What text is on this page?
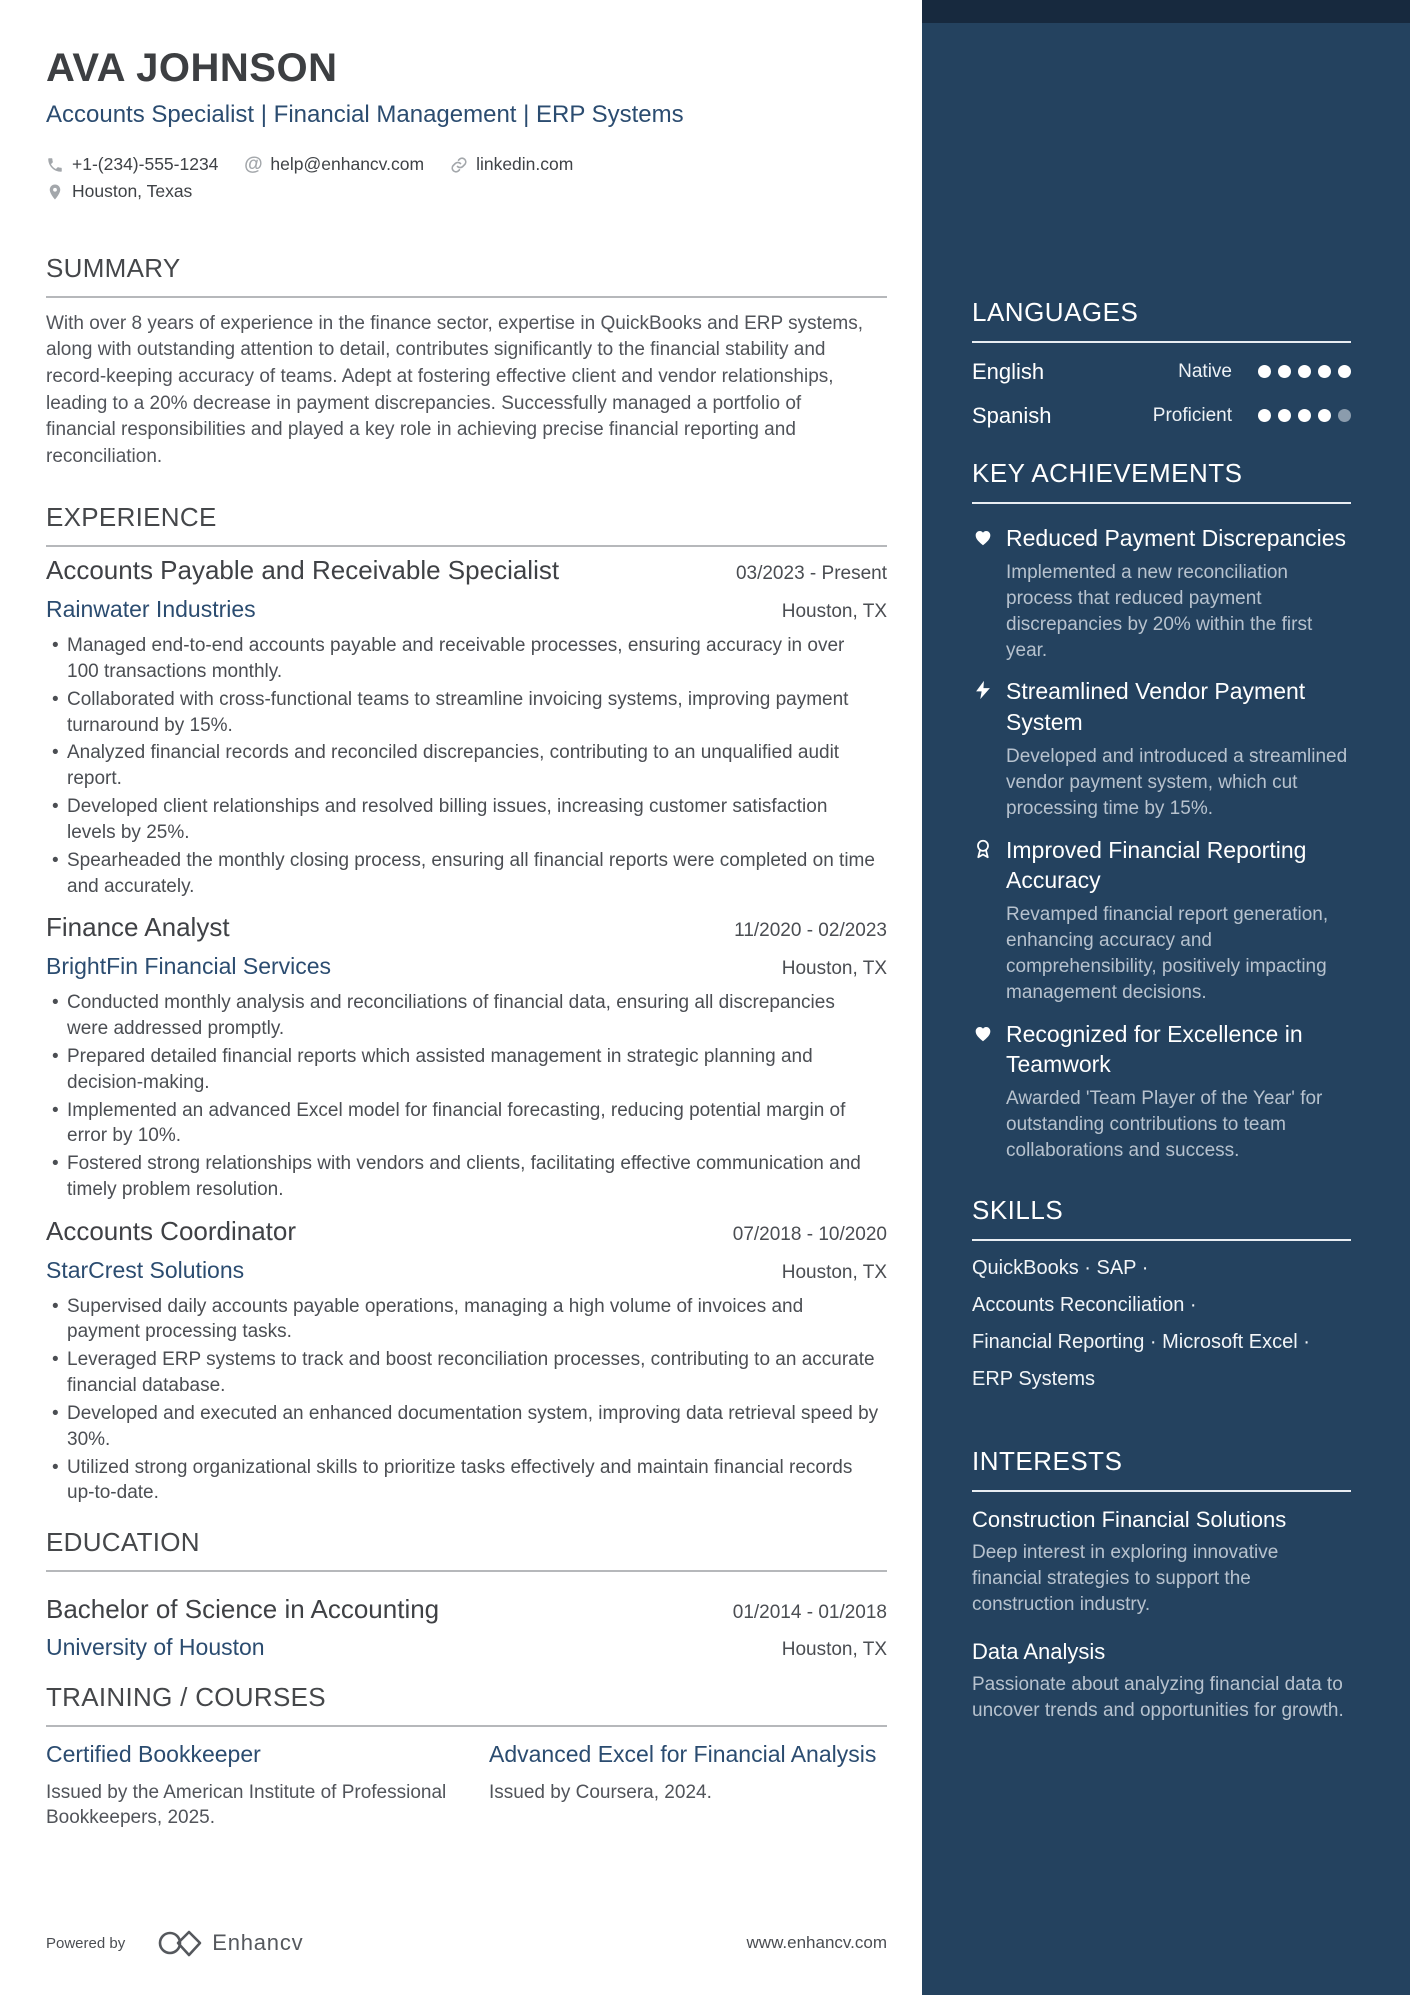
AVA JOHNSON
Accounts Specialist | Financial Management | ERP Systems
+1-(234)-555-1234 @ help@enhancv.com	linkedin.com
Houston, Texas
SUMMARY

With over 8 years of experience in the finance sector, expertise in QuickBooks and ERP systems, along with outstanding attention to detail, contributes significantly to the financial stability and record-keeping accuracy of teams. Adept at fostering effective client and vendor relationships, leading to a 20% decrease in payment discrepancies. Successfully managed a portfolio of financial responsibilities and played a key role in achieving precise financial reporting and reconciliation.

EXPERIENCE
Accounts Payable and Receivable Specialist	03/2023 - Present
Rainwater Industries	Houston, TX
• Managed end-to-end accounts payable and receivable processes, ensuring accuracy in over 100 transactions monthly.
• Collaborated with cross-functional teams to streamline invoicing systems, improving payment turnaround by 15%.
• Analyzed financial records and reconciled discrepancies, contributing to an unqualified audit report.
• Developed client relationships and resolved billing issues, increasing customer satisfaction levels by 25%.
• Spearheaded the monthly closing process, ensuring all financial reports were completed on time and accurately.
Finance Analyst	11/2020 - 02/2023
BrightFin Financial Services	Houston, TX
• Conducted monthly analysis and reconciliations of financial data, ensuring all discrepancies were addressed promptly.
• Prepared detailed financial reports which assisted management in strategic planning and decision-making.
• Implemented an advanced Excel model for financial forecasting, reducing potential margin of error by 10%.
• Fostered strong relationships with vendors and clients, facilitating effective communication and timely problem resolution.
Accounts Coordinator	07/2018 - 10/2020
StarCrest Solutions	Houston, TX
• Supervised daily accounts payable operations, managing a high volume of invoices and payment processing tasks.
• Leveraged ERP systems to track and boost reconciliation processes, contributing to an accurate financial database.
• Developed and executed an enhanced documentation system, improving data retrieval speed by 30%.
• Utilized strong organizational skills to prioritize tasks effectively and maintain financial records up-to-date.
EDUCATION
Bachelor of Science in Accounting	01/2014 - 01/2018
University of Houston	Houston, TX
TRAINING / COURSES
Certified Bookkeeper
Issued by the American Institute of Professional Bookkeepers, 2025.
Advanced Excel for Financial Analysis
Issued by Coursera, 2024.
Powered by	Enhancv	www.enhancv.com
LANGUAGES
English	Native
Spanish	Proficient
KEY ACHIEVEMENTS
Reduced Payment Discrepancies
Implemented a new reconciliation process that reduced payment discrepancies by 20% within the first year.
Streamlined Vendor Payment System
Developed and introduced a streamlined vendor payment system, which cut processing time by 15%.
Improved Financial Reporting Accuracy
Revamped financial report generation, enhancing accuracy and comprehensibility, positively impacting management decisions.
Recognized for Excellence in Teamwork
Awarded 'Team Player of the Year' for outstanding contributions to team collaborations and success.
SKILLS
QuickBooks · SAP ·
Accounts Reconciliation ·
Financial Reporting · Microsoft Excel ·
ERP Systems
INTERESTS
Construction Financial Solutions
Deep interest in exploring innovative financial strategies to support the construction industry.
Data Analysis
Passionate about analyzing financial data to uncover trends and opportunities for growth.
